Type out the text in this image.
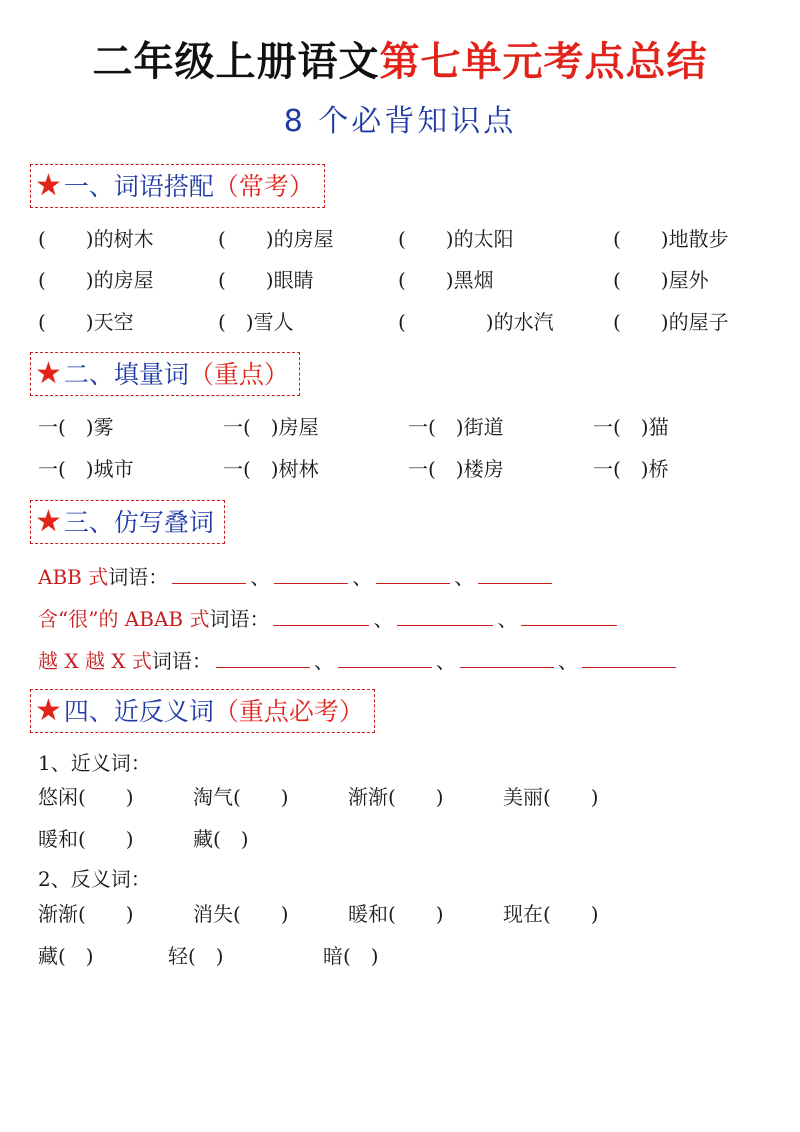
二年级上册语文第七单元考点总结
8 个必背知识点
★ 一、词语搭配 （常考）
(　　)的树木	(　　)的房屋	(　　)的太阳	(　　)地散步
(　　)的房屋	(　　)眼睛	(　　)黑烟	(　　)屋外
(　　)天空	(　)雪人	(　　　　)的水汽	(　　)的屋子
★ 二、填量词 （重点）
一(　)雾	一(　)房屋	一(　)街道	一(　)猫
一(　)城市	一(　)树林	一(　)楼房	一(　)桥
★ 三、仿写叠词
ABB 式 词语：	、	、	、
含“很”的 ABAB 式 词语：	、	、
越 X 越 X 式 词语：	、	、	、
★ 四、近反义词 （重点必考）
1、近义词：
悠闲(　　)	淘气(　　)	渐渐(　　)	美丽(　　)
暖和(　　)	藏(　)
2、反义词：
渐渐(　　)	消失(　　)	暖和(　　)	现在(　　)
藏(　)	轻(　)	暗(　)
